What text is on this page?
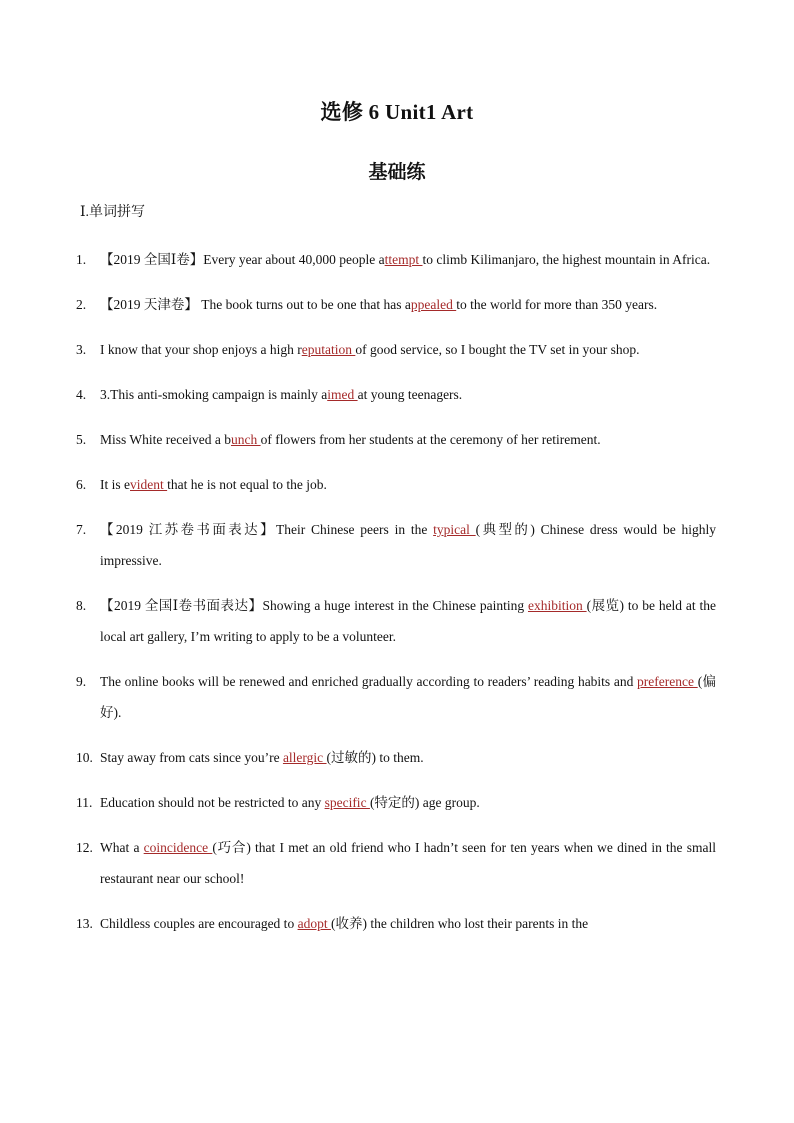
选修 6 Unit1 Art
基础练
Ⅰ.单词拼写
1. 【2019 全国Ⅰ卷】Every year about 40,000 people attempt to climb Kilimanjaro, the highest mountain in Africa.
2. 【2019 天津卷】 The book turns out to be one that has appealed to the world for more than 350 years.
3. I know that your shop enjoys a high reputation of good service, so I bought the TV set in your shop.
4. 3.This anti-smoking campaign is mainly aimed at young teenagers.
5. Miss White received a bunch of flowers from her students at the ceremony of her retirement.
6. It is evident that he is not equal to the job.
7. 【2019 江苏卷书面表达】Their Chinese peers in the typical (典型的) Chinese dress would be highly impressive.
8. 【2019 全国Ⅰ卷书面表达】Showing a huge interest in the Chinese painting exhibition (展览) to be held at the local art gallery, I’m writing to apply to be a volunteer.
9. The online books will be renewed and enriched gradually according to readers’ reading habits and preference (偏好).
10. Stay away from cats since you’re allergic (过敏的) to them.
11. Education should not be restricted to any specific (特定的) age group.
12. What a coincidence (巧合) that I met an old friend who I hadn’t seen for ten years when we dined in the small restaurant near our school!
13. Childless couples are encouraged to adopt (收养) the children who lost their parents in the
